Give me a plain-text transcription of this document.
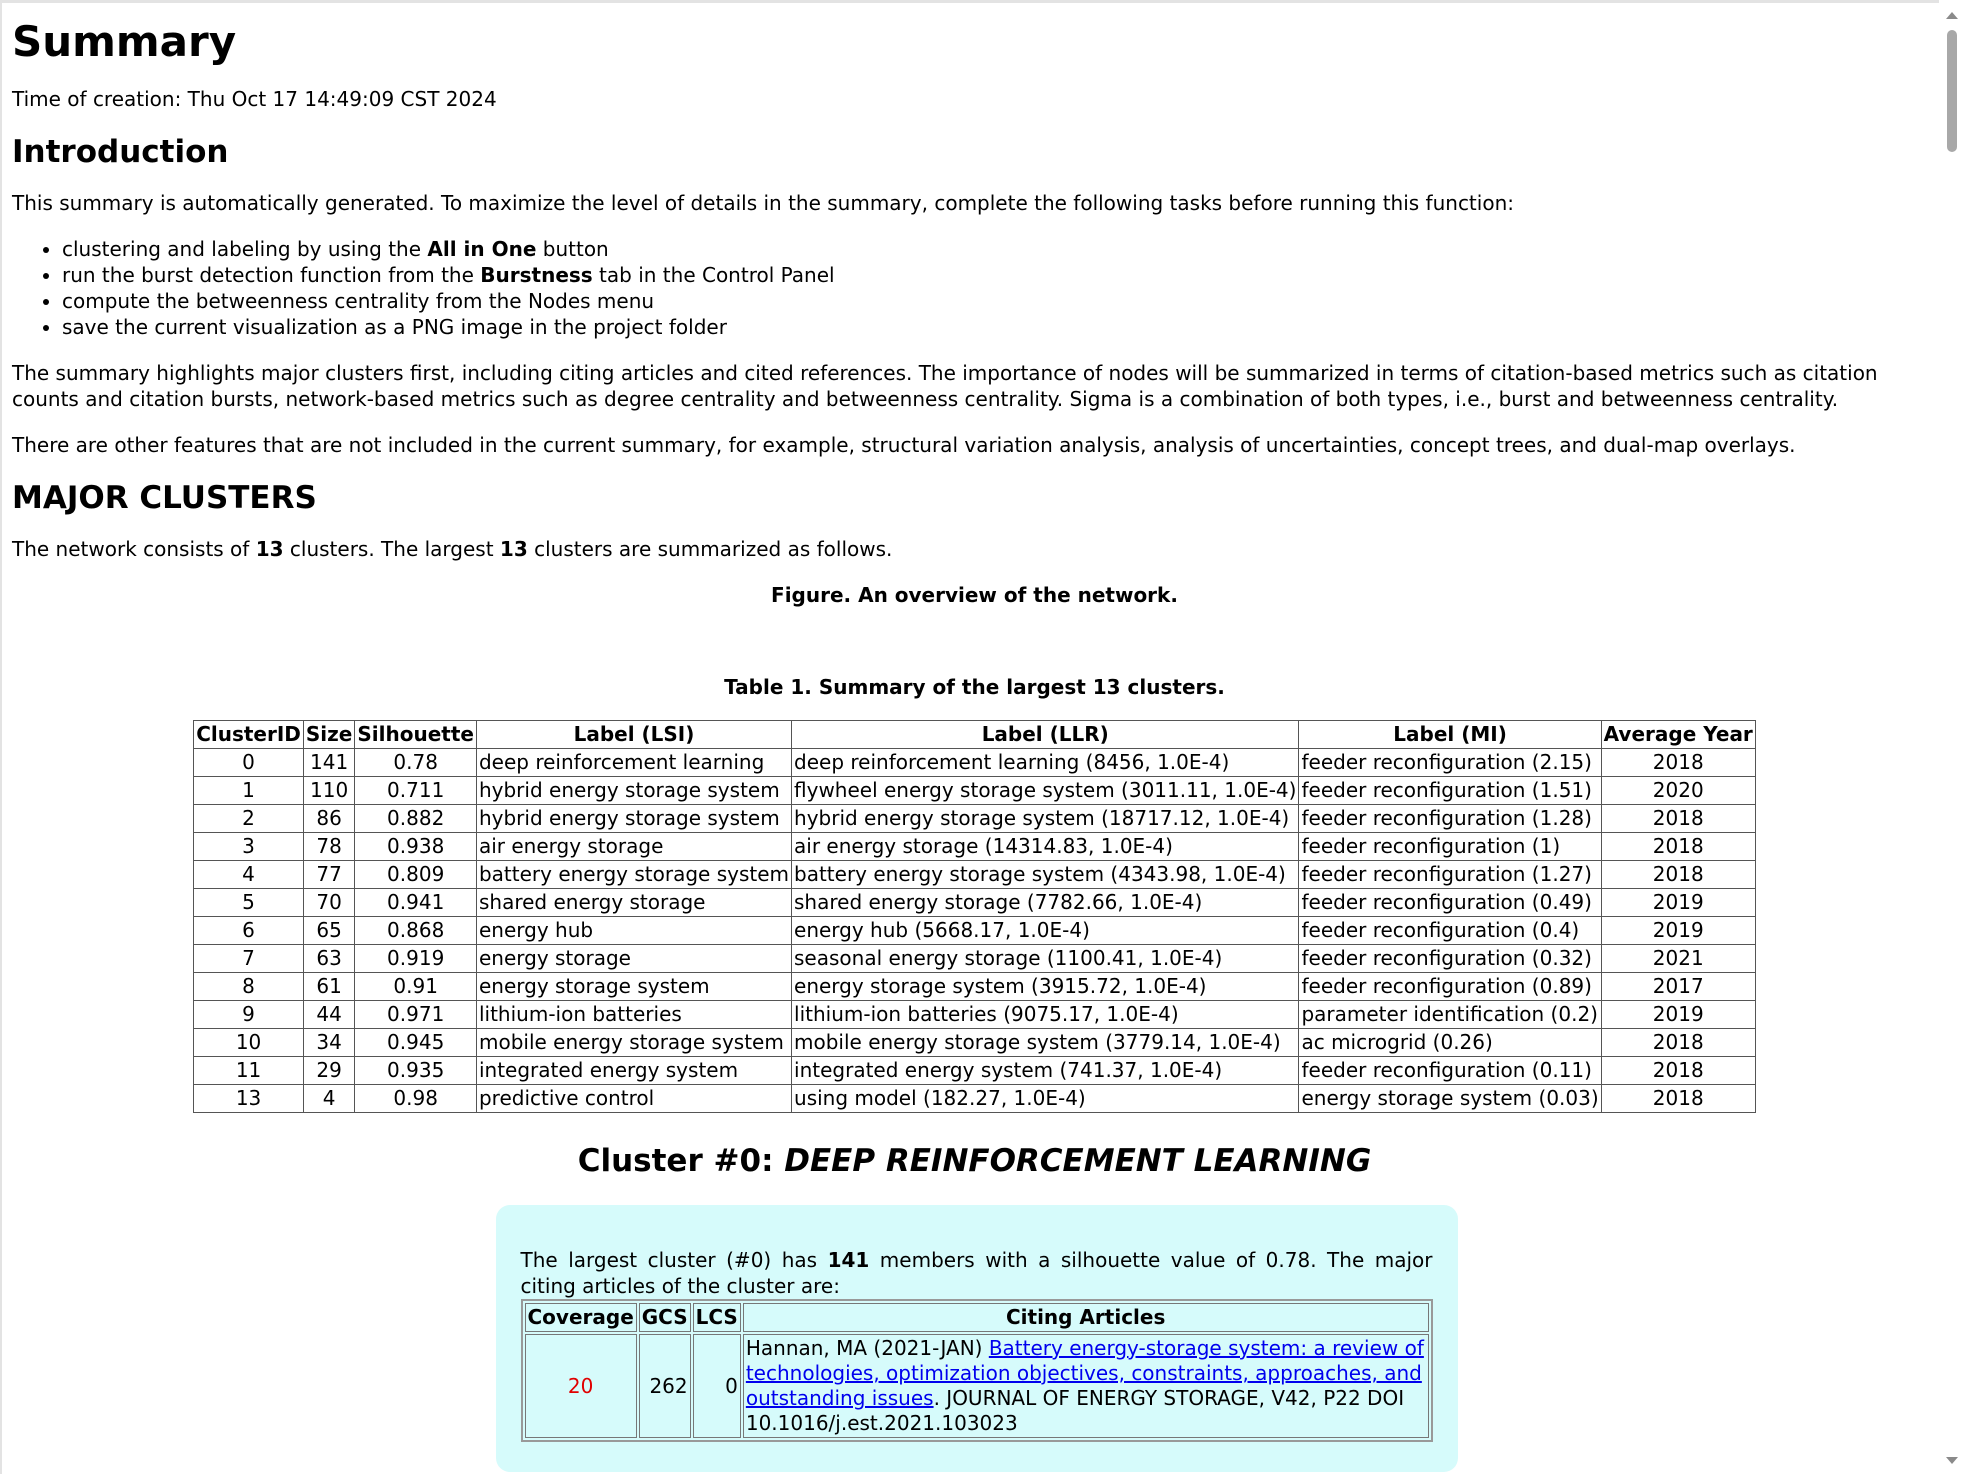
Summary

Time of creation: Thu Oct 17 14:49:09 CST 2024

Introduction

This summary is automatically generated. To maximize the level of details in the summary, complete the following tasks before running this function:

• clustering and labeling by using the All in One button
• run the burst detection function from the Burstness tab in the Control Panel
• compute the betweenness centrality from the Nodes menu
• save the current visualization as a PNG image in the project folder

The summary highlights major clusters first, including citing articles and cited references. The importance of nodes will be summarized in terms of citation-based metrics such as citation counts and citation bursts, network-based metrics such as degree centrality and betweenness centrality. Sigma is a combination of both types, i.e., burst and betweenness centrality.

There are other features that are not included in the current summary, for example, structural variation analysis, analysis of uncertainties, concept trees, and dual-map overlays.

MAJOR CLUSTERS

The network consists of 13 clusters. The largest 13 clusters are summarized as follows.

Figure. An overview of the network.
Table 1. Summary of the largest 13 clusters.
ClusterID	Size	Silhouette	Label (LSI)	Label (LLR)	Label (MI)	Average Year
0	141	0.78	deep reinforcement learning	deep reinforcement learning (8456, 1.0E-4)	feeder reconfiguration (2.15)	2018
1	110	0.711	hybrid energy storage system	flywheel energy storage system (3011.11, 1.0E-4)	feeder reconfiguration (1.51)	2020
2	86	0.882	hybrid energy storage system	hybrid energy storage system (18717.12, 1.0E-4)	feeder reconfiguration (1.28)	2018
3	78	0.938	air energy storage	air energy storage (14314.83, 1.0E-4)	feeder reconfiguration (1)	2018
4	77	0.809	battery energy storage system	battery energy storage system (4343.98, 1.0E-4)	feeder reconfiguration (1.27)	2018
5	70	0.941	shared energy storage	shared energy storage (7782.66, 1.0E-4)	feeder reconfiguration (0.49)	2019
6	65	0.868	energy hub	energy hub (5668.17, 1.0E-4)	feeder reconfiguration (0.4)	2019
7	63	0.919	energy storage	seasonal energy storage (1100.41, 1.0E-4)	feeder reconfiguration (0.32)	2021
8	61	0.91	energy storage system	energy storage system (3915.72, 1.0E-4)	feeder reconfiguration (0.89)	2017
9	44	0.971	lithium-ion batteries	lithium-ion batteries (9075.17, 1.0E-4)	parameter identification (0.2)	2019
10	34	0.945	mobile energy storage system	mobile energy storage system (3779.14, 1.0E-4)	ac microgrid (0.26)	2018
11	29	0.935	integrated energy system	integrated energy system (741.37, 1.0E-4)	feeder reconfiguration (0.11)	2018
13	4	0.98	predictive control	using model (182.27, 1.0E-4)	energy storage system (0.03)	2018
Cluster #0: DEEP REINFORCEMENT LEARNING

The largest cluster (#0) has 141 members with a silhouette value of 0.78. The major citing articles of the cluster are:

Coverage	GCS	LCS	Citing Articles
20	262	0	Hannan, MA (2021-JAN) Battery energy-storage system: a review of technologies, optimization objectives, constraints, approaches, and outstanding issues. JOURNAL OF ENERGY STORAGE, V42, P22 DOI 10.1016/j.est.2021.103023
